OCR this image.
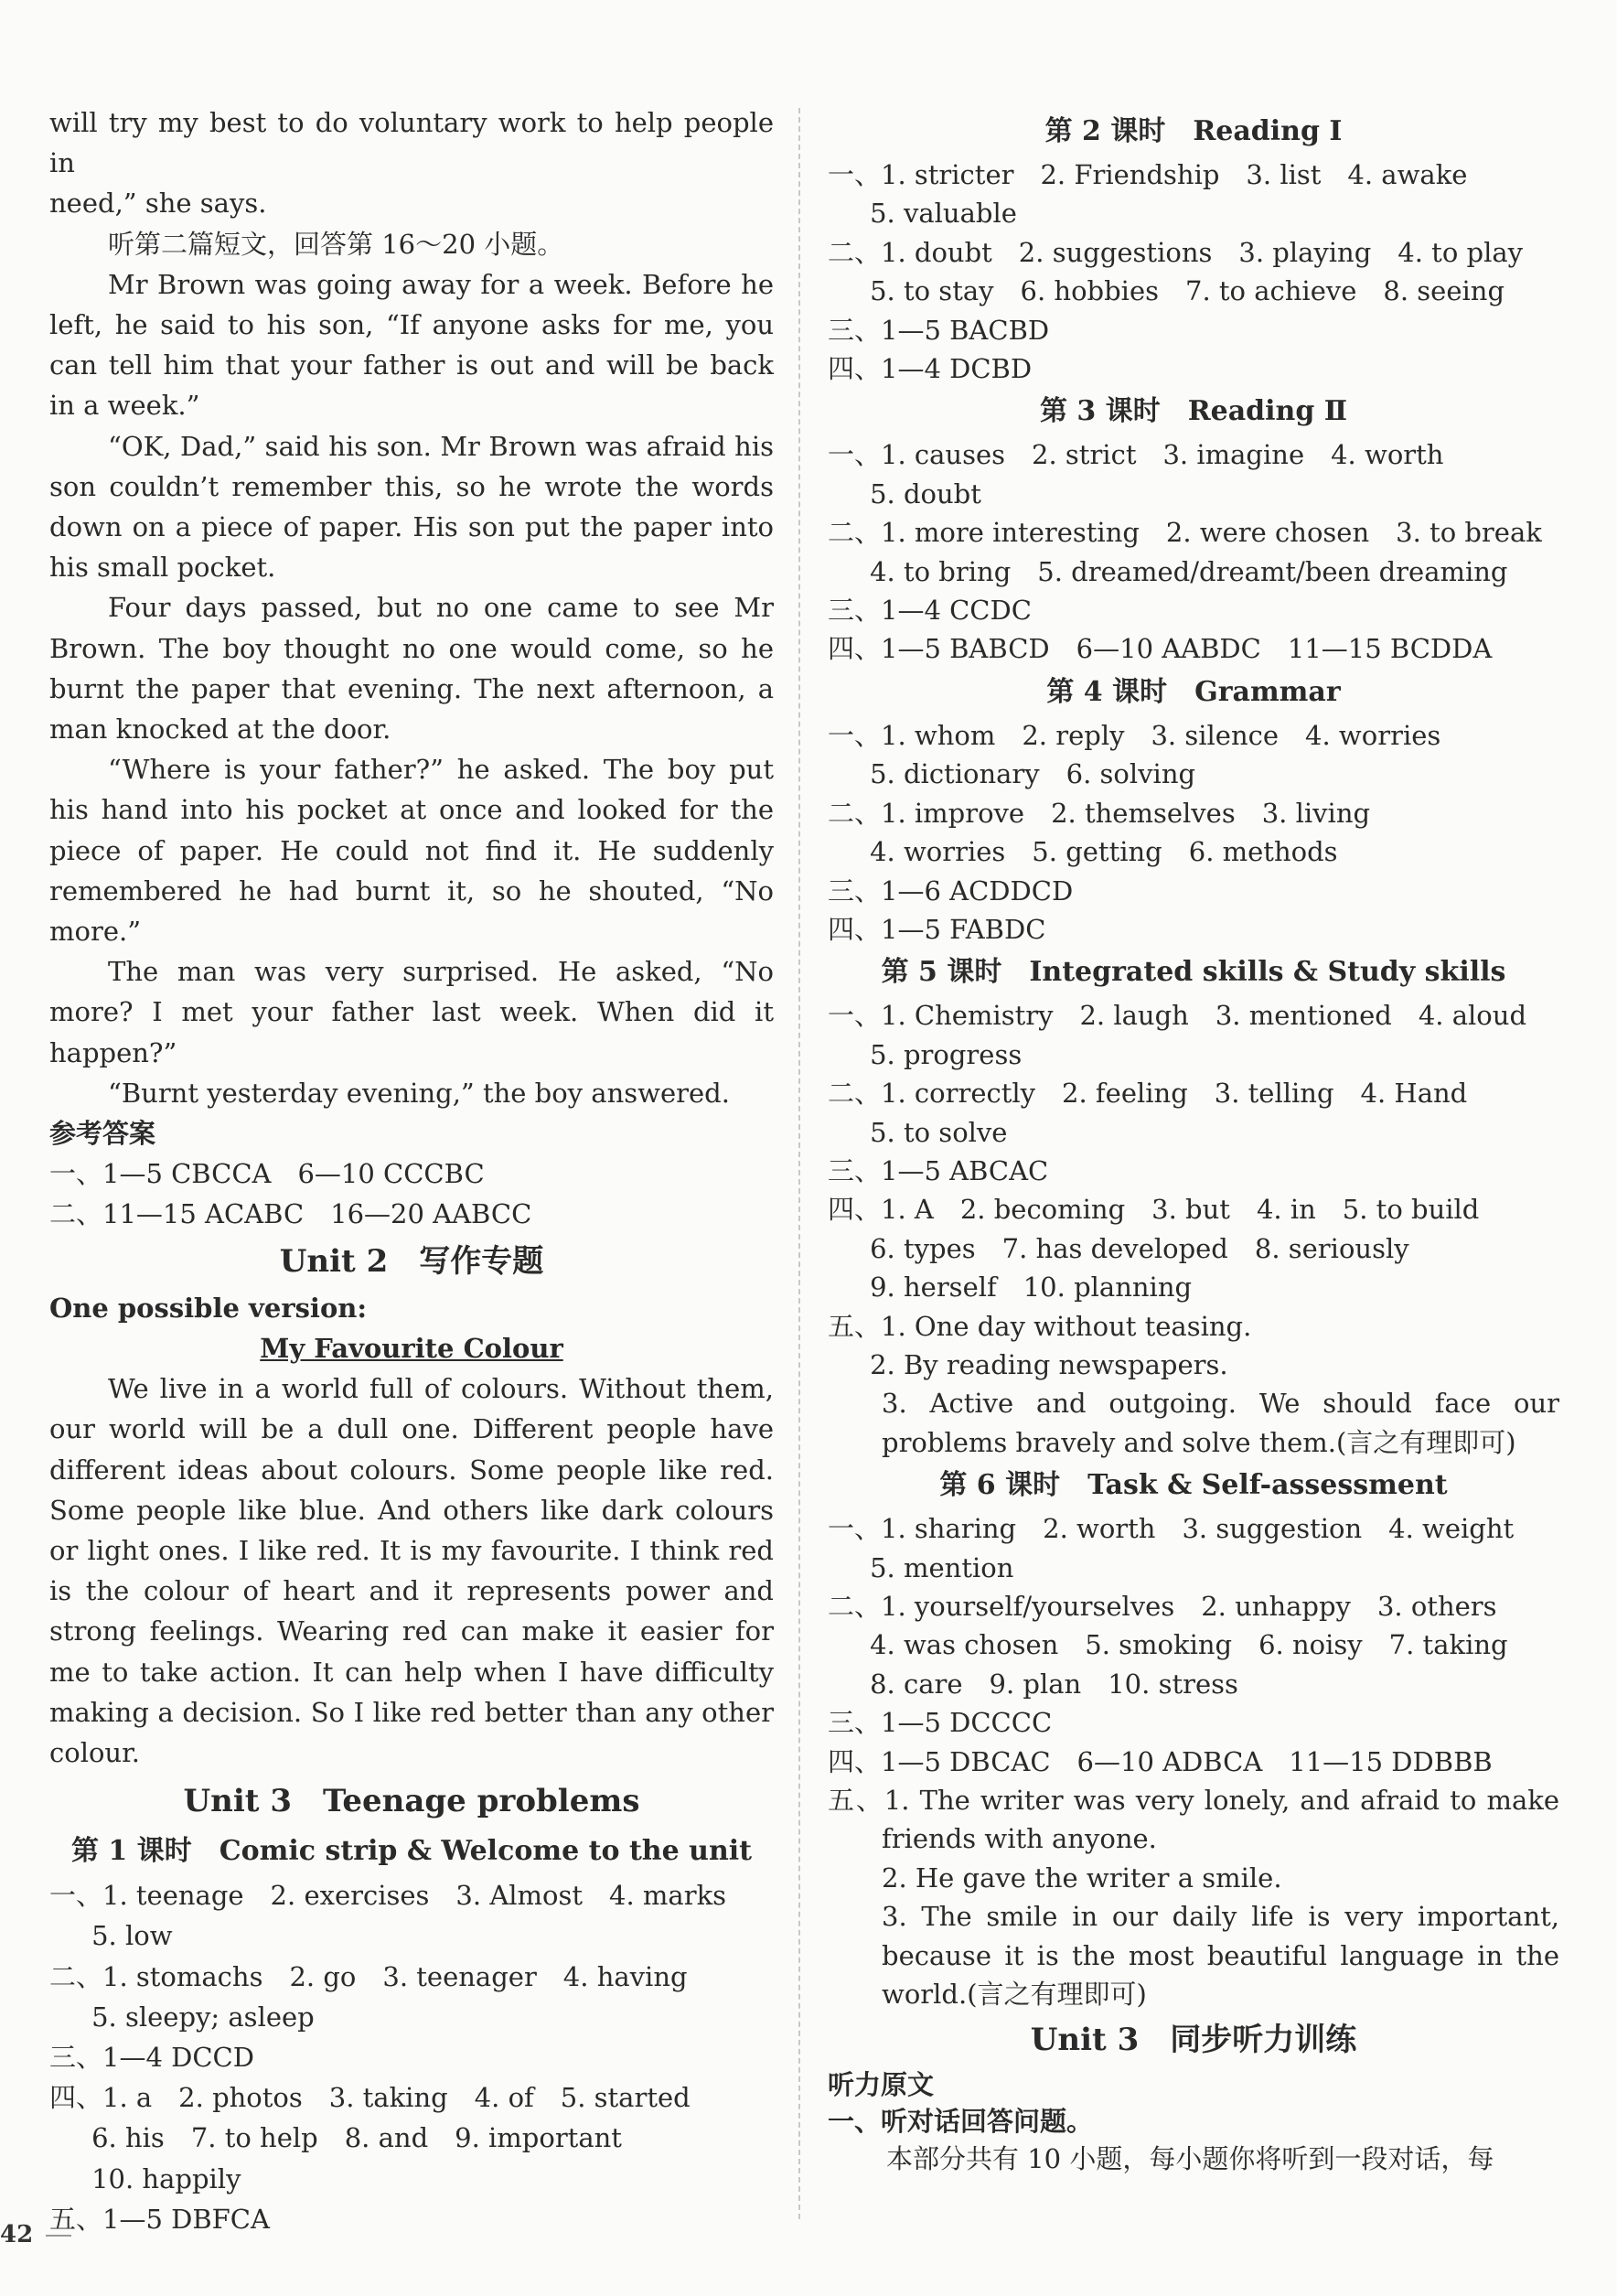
will try my best to do voluntary work to help people in
need,” she says.

听第二篇短文，回答第 16～20 小题。

Mr Brown was going away for a week. Before he left, he said to his son, “If anyone asks for me, you can tell him that your father is out and will be back in a week.”

“OK, Dad,” said his son. Mr Brown was afraid his son couldn’t remember this, so he wrote the words down on a piece of paper. His son put the paper into his small pocket.

Four days passed, but no one came to see Mr Brown. The boy thought no one would come, so he burnt the paper that evening. The next afternoon, a man knocked at the door.

“Where is your father?” he asked. The boy put his hand into his pocket at once and looked for the piece of paper. He could not find it. He suddenly remembered he had burnt it, so he shouted, “No more.”

The man was very surprised. He asked, “No more? I met your father last week. When did it happen?”

“Burnt yesterday evening,” the boy answered.

参考答案
一、1—5 CBCCA　6—10 CCCBC
二、11—15 ACABC　16—20 AABCC
Unit 2　写作专题
One possible version:
My Favourite Colour

We live in a world full of colours. Without them, our world will be a dull one. Different people have different ideas about colours. Some people like red. Some people like blue. And others like dark colours or light ones. I like red. It is my favourite. I think red is the colour of heart and it represents power and strong feelings. Wearing red can make it easier for me to take action. It can help when I have difficulty making a decision. So I like red better than any other colour.

Unit 3　Teenage problems
第 1 课时　Comic strip & Welcome to the unit
一、1. teenage　2. exercises　3. Almost　4. marks
5. low
二、1. stomachs　2. go　3. teenager　4. having
5. sleepy; asleep
三、1—4 DCCD
四、1. a　2. photos　3. taking　4. of　5. started
6. his　7. to help　8. and　9. important
10. happily
五、1—5 DBFCA
第 2 课时　Reading Ⅰ
一、1. stricter　2. Friendship　3. list　4. awake
5. valuable
二、1. doubt　2. suggestions　3. playing　4. to play
5. to stay　6. hobbies　7. to achieve　8. seeing
三、1—5 BACBD
四、1—4 DCBD
第 3 课时　Reading Ⅱ
一、1. causes　2. strict　3. imagine　4. worth
5. doubt
二、1. more interesting　2. were chosen　3. to break
4. to bring　5. dreamed/dreamt/been dreaming
三、1—4 CCDC
四、1—5 BABCD　6—10 AABDC　11—15 BCDDA
第 4 课时　Grammar
一、1. whom　2. reply　3. silence　4. worries
5. dictionary　6. solving
二、1. improve　2. themselves　3. living
4. worries　5. getting　6. methods
三、1—6 ACDDCD
四、1—5 FABDC
第 5 课时　Integrated skills & Study skills
一、1. Chemistry　2. laugh　3. mentioned　4. aloud
5. progress
二、1. correctly　2. feeling　3. telling　4. Hand
5. to solve
三、1—5 ABCAC
四、1. A　2. becoming　3. but　4. in　5. to build
6. types　7. has developed　8. seriously
9. herself　10. planning
五、1. One day without teasing.
2. By reading newspapers.
3. Active and outgoing. We should face our problems bravely and solve them.(言之有理即可)
第 6 课时　Task & Self-assessment
一、1. sharing　2. worth　3. suggestion　4. weight
5. mention
二、1. yourself/yourselves　2. unhappy　3. others
4. was chosen　5. smoking　6. noisy　7. taking
8. care　9. plan　10. stress
三、1—5 DCCCC
四、1—5 DBCAC　6—10 ADBCA　11—15 DDBBB
五、1. The writer was very lonely, and afraid to make friends with anyone.
2. He gave the writer a smile.
3. The smile in our daily life is very important, because it is the most beautiful language in the world.(言之有理即可)
Unit 3　同步听力训练
听力原文
一、听对话回答问题。

本部分共有 10 小题，每小题你将听到一段对话，每

42
